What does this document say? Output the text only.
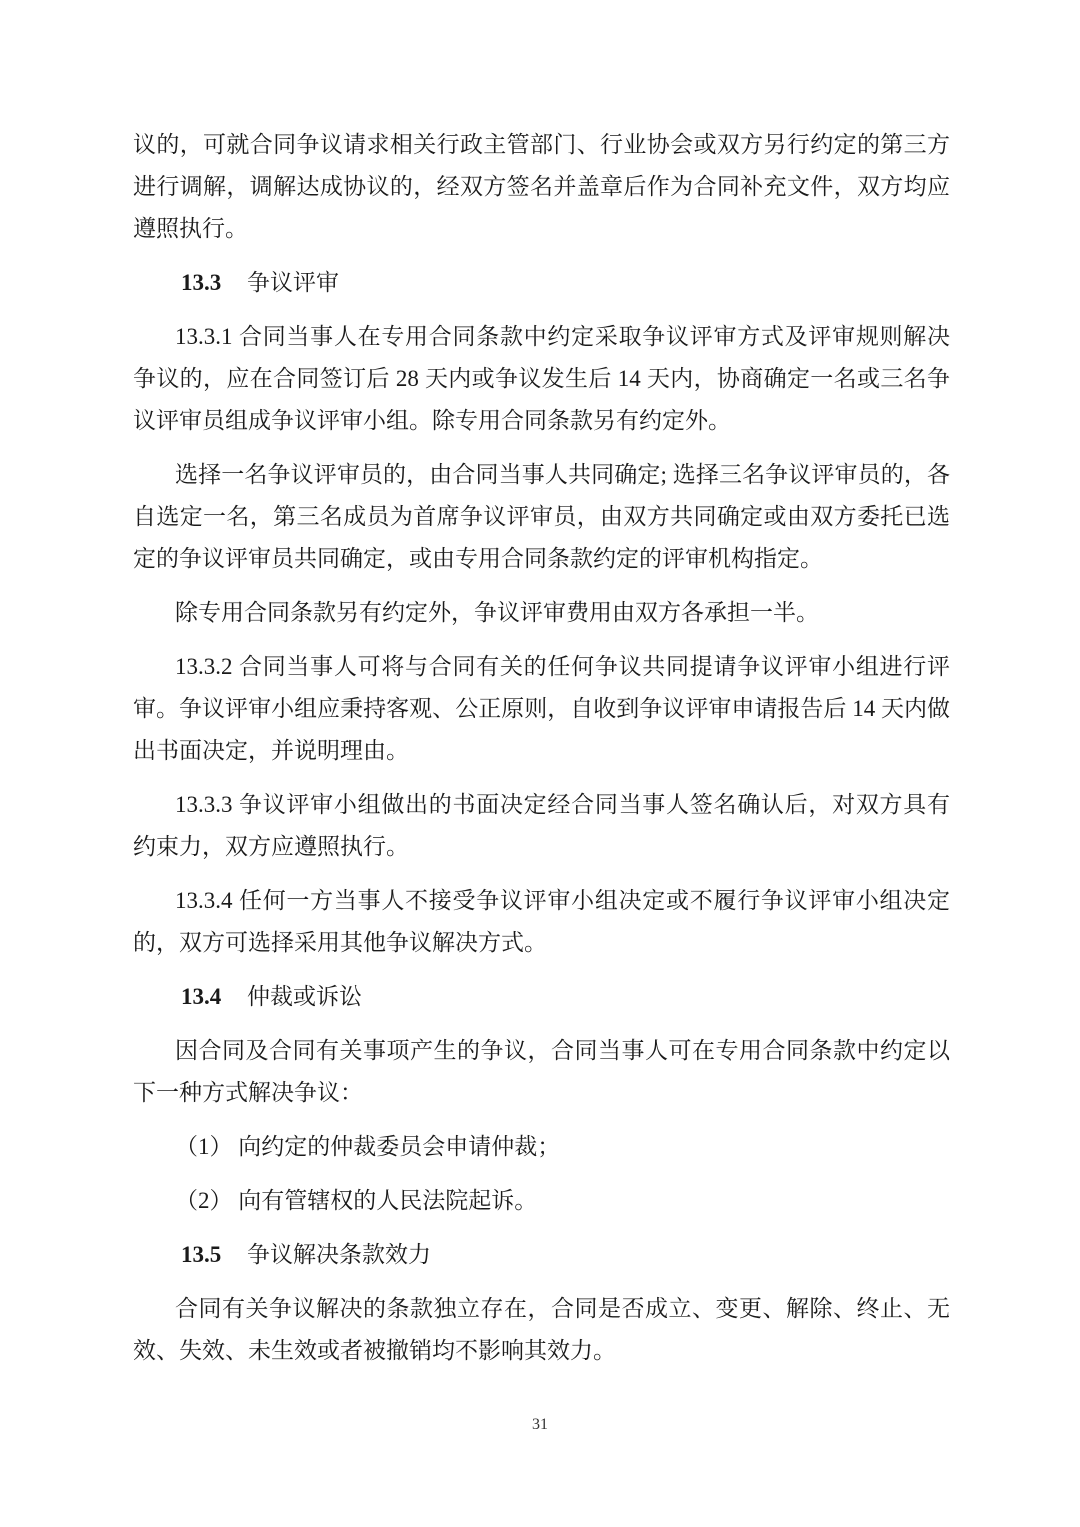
议的，可就合同争议请求相关行政主管部门、行业协会或双方另行约定的第三方进行调解，调解达成协议的，经双方签名并盖章后作为合同补充文件，双方均应遵照执行。

13.3 争议评审

13.3.1 合同当事人在专用合同条款中约定采取争议评审方式及评审规则解决争议的，应在合同签订后 28 天内或争议发生后 14 天内，协商确定一名或三名争议评审员组成争议评审小组。除专用合同条款另有约定外。

选择一名争议评审员的，由合同当事人共同确定; 选择三名争议评审员的，各自选定一名，第三名成员为首席争议评审员，由双方共同确定或由双方委托已选定的争议评审员共同确定，或由专用合同条款约定的评审机构指定。

除专用合同条款另有约定外，争议评审费用由双方各承担一半。

13.3.2 合同当事人可将与合同有关的任何争议共同提请争议评审小组进行评审。争议评审小组应秉持客观、公正原则，自收到争议评审申请报告后 14 天内做出书面决定，并说明理由。

13.3.3 争议评审小组做出的书面决定经合同当事人签名确认后，对双方具有约束力，双方应遵照执行。

13.3.4 任何一方当事人不接受争议评审小组决定或不履行争议评审小组决定的，双方可选择采用其他争议解决方式。

13.4 仲裁或诉讼

因合同及合同有关事项产生的争议，合同当事人可在专用合同条款中约定以下一种方式解决争议：

（1） 向约定的仲裁委员会申请仲裁；

（2） 向有管辖权的人民法院起诉。

13.5 争议解决条款效力

合同有关争议解决的条款独立存在，合同是否成立、变更、解除、终止、无效、失效、未生效或者被撤销均不影响其效力。

31
